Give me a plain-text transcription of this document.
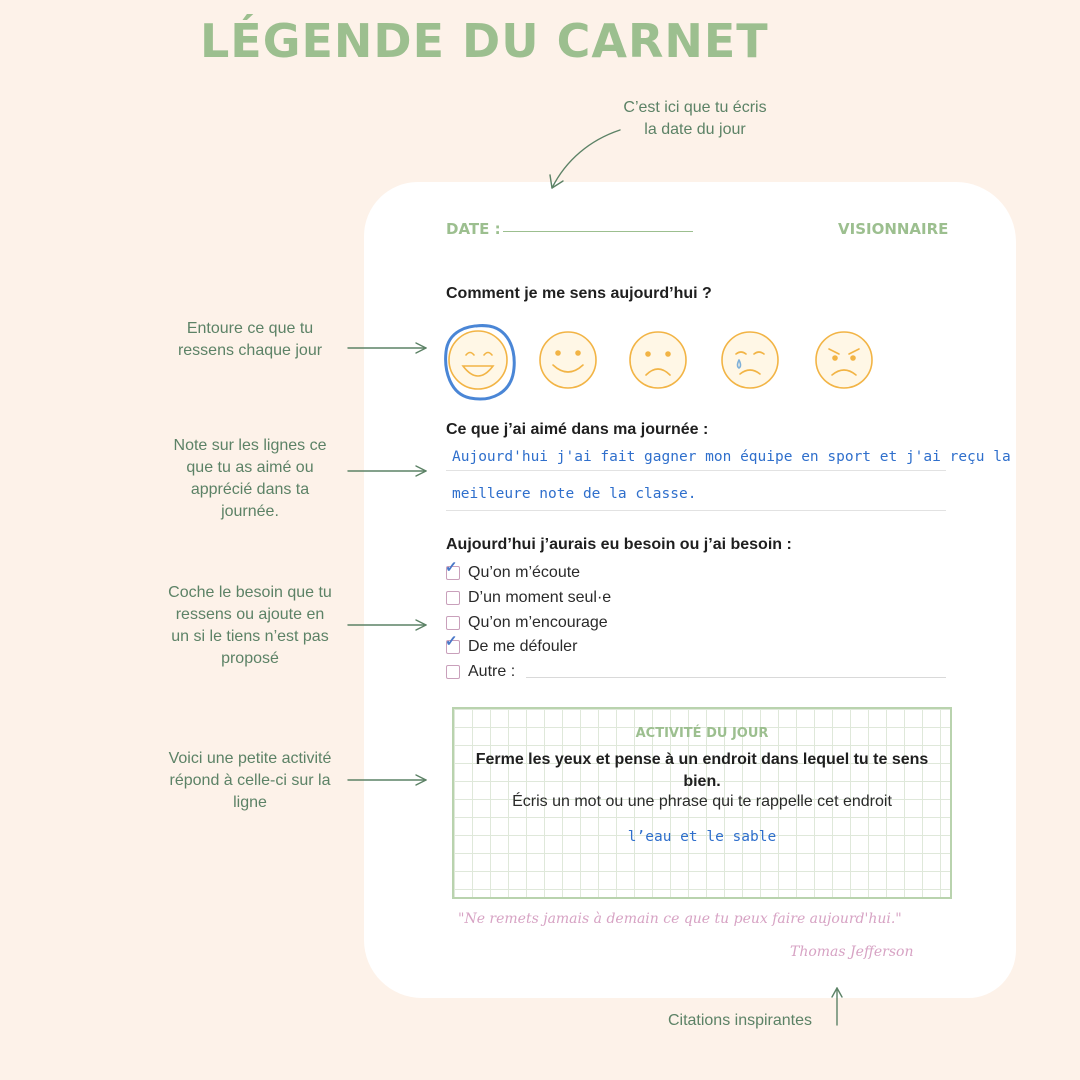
LÉGENDE DU CARNET
C’est ici que tu écris
la date du jour
Entoure ce que tu
ressens chaque jour
Note sur les lignes ce
que tu as aimé ou
apprécié dans ta
journée.
Coche le besoin que tu
ressens ou ajoute en
un si le tiens n’est pas
proposé
Voici une petite activité
répond à celle-ci sur la
ligne
DATE :	VISIONNAIRE
Comment je me sens aujourd’hui ?
Ce que j’ai aimé dans ma journée :
Aujourd'hui j'ai fait gagner mon équipe en sport et j'ai reçu la
meilleure note de la classe.
Aujourd’hui j’aurais eu besoin ou j’ai besoin :
✓ Qu’on m’écoute
D’un moment seul·e
Qu’on m’encourage
✓ De me défouler
Autre :
ACTIVITÉ DU JOUR
Ferme les yeux et pense à un endroit dans lequel tu te sens bien.
Écris un mot ou une phrase qui te rappelle cet endroit
l’eau et le sable
"Ne remets jamais à demain ce que tu peux faire aujourd'hui."
Thomas Jefferson
Citations inspirantes
